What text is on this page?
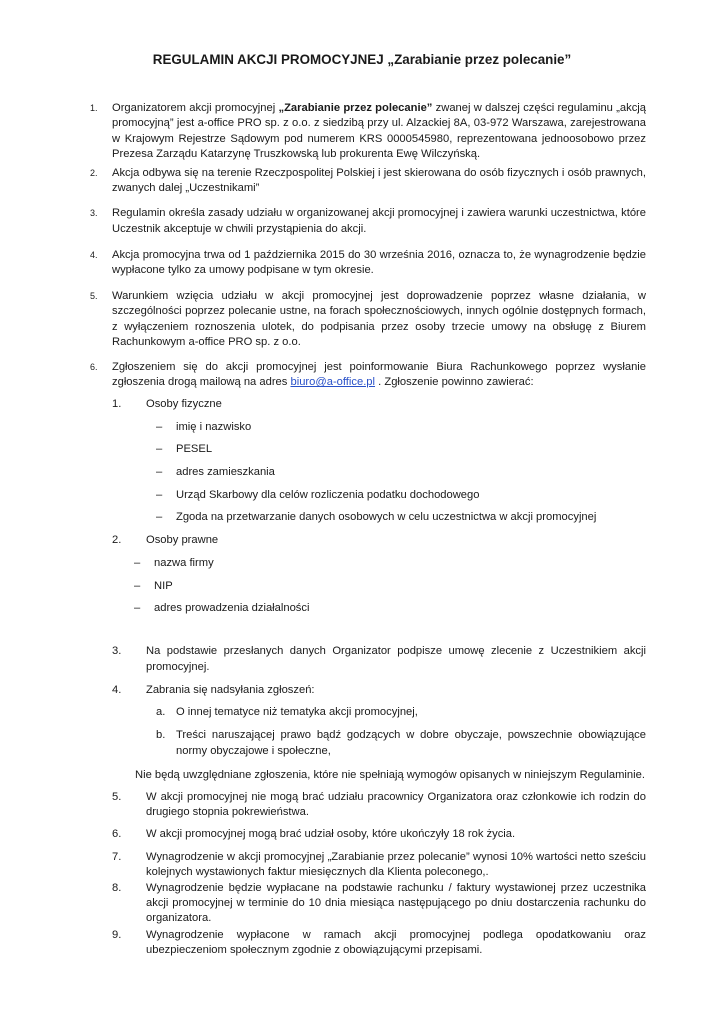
REGULAMIN AKCJI PROMOCYJNEJ „Zarabianie przez polecanie”
1.	Organizatorem akcji promocyjnej „Zarabianie przez polecanie” zwanej w dalszej części regulaminu „akcją promocyjną” jest a-office PRO sp. z o.o. z siedzibą przy ul. Alzackiej 8A, 03-972 Warszawa, zarejestrowana w Krajowym Rejestrze Sądowym pod numerem KRS 0000545980, reprezentowana jednoosobowo przez Prezesa Zarządu Katarzynę Truszkowską lub prokurenta Ewę Wilczyńską.
2.	Akcja odbywa się na terenie Rzeczpospolitej Polskiej i jest skierowana do osób fizycznych i osób prawnych, zwanych dalej „Uczestnikami”
3.	Regulamin określa zasady udziału w organizowanej akcji promocyjnej i zawiera warunki uczestnictwa, które Uczestnik akceptuje w chwili przystąpienia do akcji.
4.	Akcja promocyjna trwa od 1 października 2015 do 30 września 2016, oznacza to, że wynagrodzenie będzie wypłacone tylko za umowy podpisane w tym okresie.
5.	Warunkiem wzięcia udziału w akcji promocyjnej jest doprowadzenie poprzez własne działania, w szczególności poprzez polecanie ustne, na forach społecznościowych, innych ogólnie dostępnych formach, z wyłączeniem roznoszenia ulotek, do podpisania przez osoby trzecie umowy na obsługę z Biurem Rachunkowym a-office PRO sp. z o.o.
6.	Zgłoszeniem się do akcji promocyjnej jest poinformowanie Biura Rachunkowego poprzez wysłanie zgłoszenia drogą mailową na adres biuro@a-office.pl . Zgłoszenie powinno zawierać:
1.	Osoby fizyczne
–	imię i nazwisko
–	PESEL
–	adres zamieszkania
–	Urząd Skarbowy dla celów rozliczenia podatku dochodowego
–	Zgoda na przetwarzanie danych osobowych w celu uczestnictwa w akcji promocyjnej
2.	Osoby prawne
–	nazwa firmy
–	NIP
–	adres prowadzenia działalności
3.	Na podstawie przesłanych danych Organizator podpisze umowę zlecenie z Uczestnikiem akcji promocyjnej.
4.	Zabrania się nadsyłania zgłoszeń:
a. O innej tematyce niż tematyka akcji promocyjnej,
b. Treści naruszającej prawo bądź godzących w dobre obyczaje, powszechnie obowiązujące normy obyczajowe i społeczne,
Nie będą uwzględniane zgłoszenia, które nie spełniają wymogów opisanych w niniejszym Regulaminie.
5.	W akcji promocyjnej nie mogą brać udziału pracownicy Organizatora oraz członkowie ich rodzin do drugiego stopnia pokrewieństwa.
6.	W akcji promocyjnej mogą brać udział osoby, które ukończyły 18 rok życia.
7.	Wynagrodzenie w akcji promocyjnej „Zarabianie przez polecanie” wynosi 10% wartości netto sześciu kolejnych wystawionych faktur miesięcznych dla Klienta poleconego,.
8.	Wynagrodzenie będzie wypłacane na podstawie rachunku / faktury wystawionej przez uczestnika akcji promocyjnej w terminie do 10 dnia miesiąca następującego po dniu dostarczenia rachunku do organizatora.
9.	Wynagrodzenie wypłacone w ramach akcji promocyjnej podlega opodatkowaniu oraz ubezpieczeniom społecznym zgodnie z obowiązującymi przepisami.
